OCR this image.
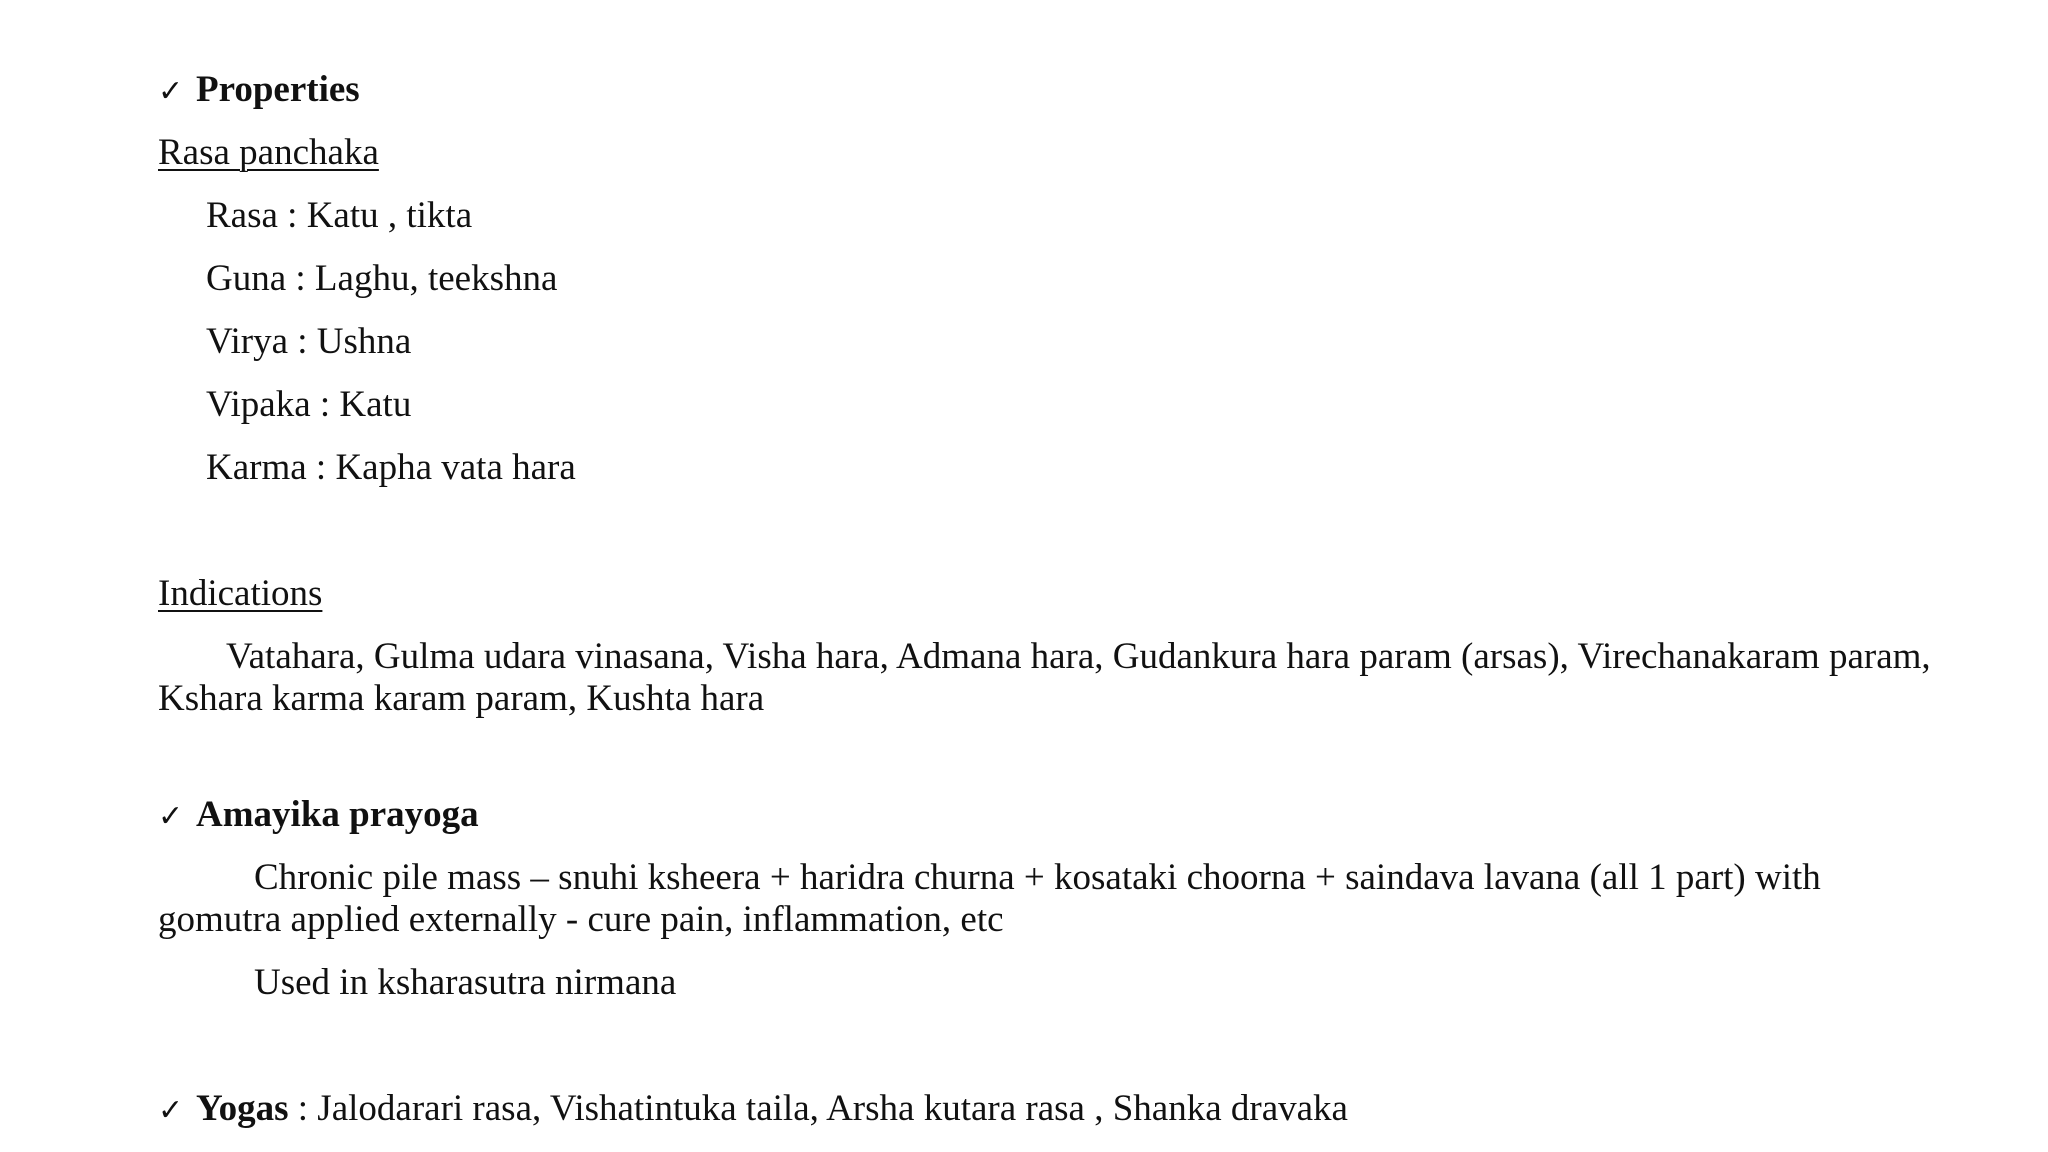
✓ Properties
Rasa panchaka
Rasa : Katu , tikta
Guna : Laghu, teekshna
Virya : Ushna
Vipaka : Katu
Karma : Kapha vata hara
Indications
Vatahara, Gulma udara vinasana, Visha hara, Admana hara, Gudankura hara param (arsas), Virechanakaram param,
Kshara karma karam param, Kushta hara
✓ Amayika prayoga
Chronic pile mass – snuhi ksheera + haridra churna + kosataki choorna + saindava lavana (all 1 part) with
gomutra applied externally - cure pain, inflammation, etc
Used in ksharasutra nirmana
✓ Yogas : Jalodarari rasa, Vishatintuka taila, Arsha kutara rasa , Shanka dravaka
